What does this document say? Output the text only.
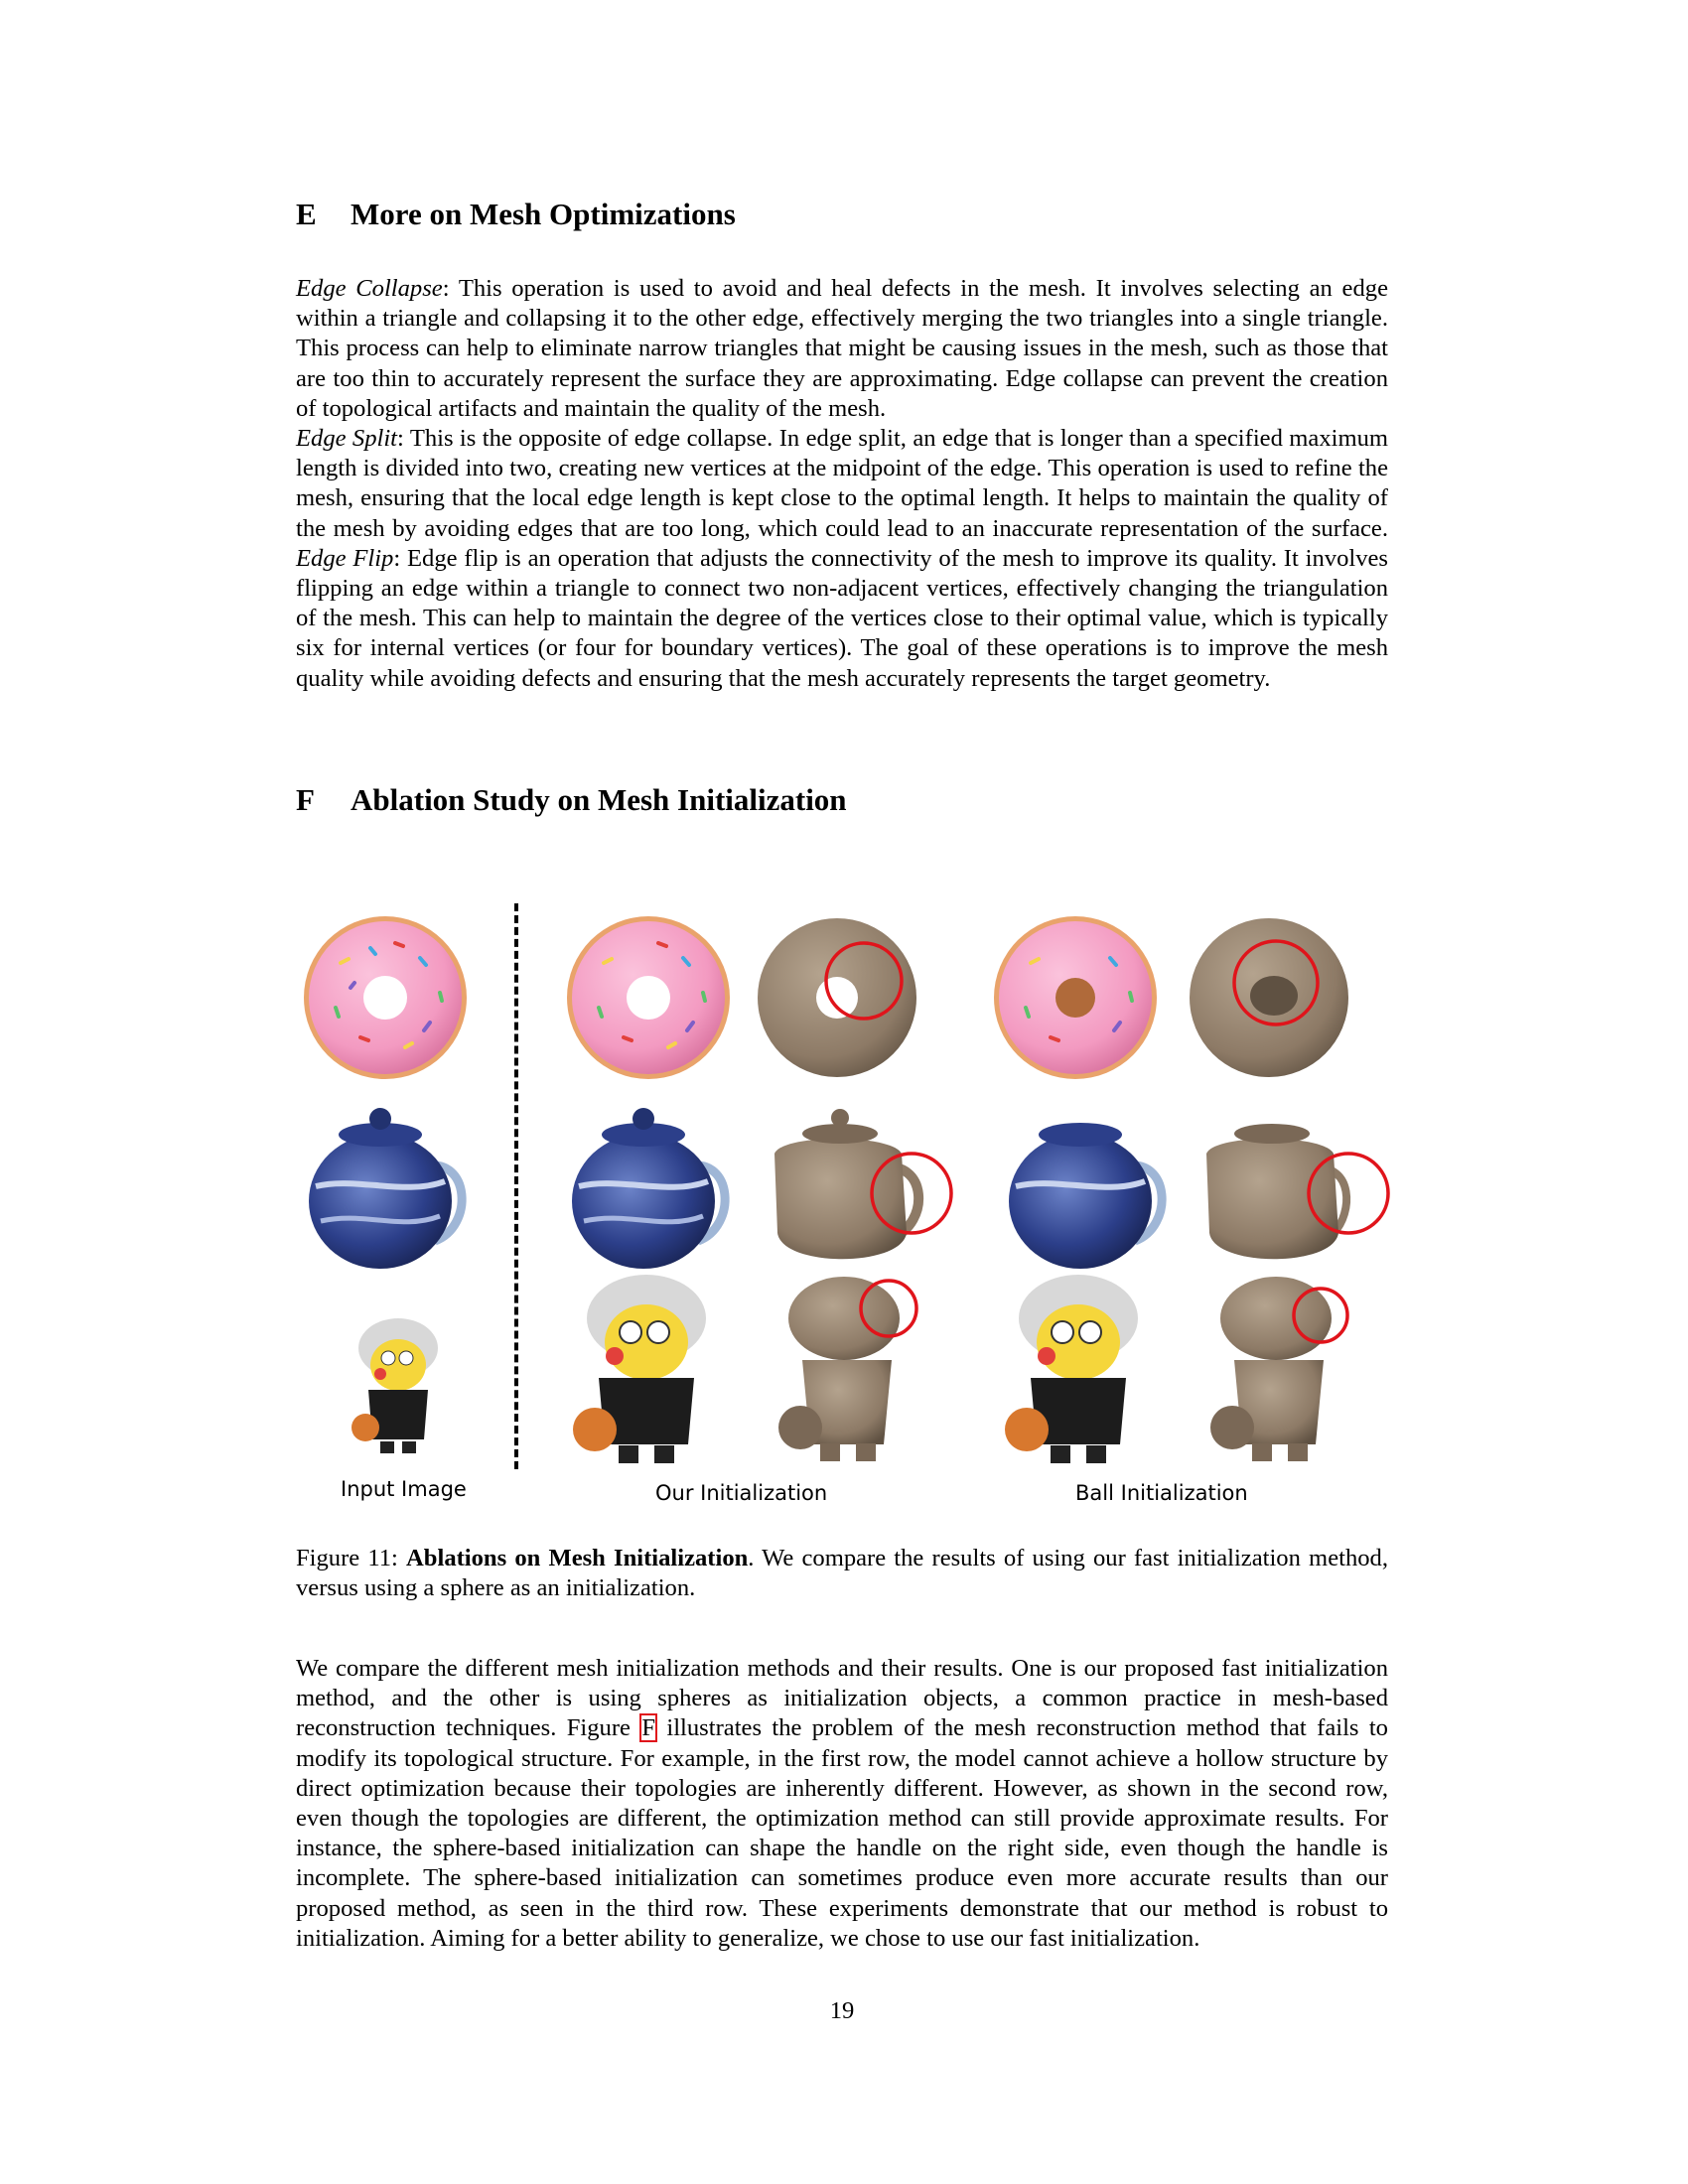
E More on Mesh Optimizations

Edge Collapse: This operation is used to avoid and heal defects in the mesh. It involves selecting an edge within a triangle and collapsing it to the other edge, effectively merging the two triangles into a single triangle. This process can help to eliminate narrow triangles that might be causing issues in the mesh, such as those that are too thin to accurately represent the surface they are approximating. Edge collapse can prevent the creation of topological artifacts and maintain the quality of the mesh.
Edge Split: This is the opposite of edge collapse. In edge split, an edge that is longer than a specified maximum length is divided into two, creating new vertices at the midpoint of the edge. This operation is used to refine the mesh, ensuring that the local edge length is kept close to the optimal length. It helps to maintain the quality of the mesh by avoiding edges that are too long, which could lead to an inaccurate representation of the surface. Edge Flip: Edge flip is an operation that adjusts the connectivity of the mesh to improve its quality. It involves flipping an edge within a triangle to connect two non-adjacent vertices, effectively changing the triangulation of the mesh. This can help to maintain the degree of the vertices close to their optimal value, which is typically six for internal vertices (or four for boundary vertices). The goal of these operations is to improve the mesh quality while avoiding defects and ensuring that the mesh accurately represents the target geometry.

F Ablation Study on Mesh Initialization
Input Image	Our Initialization	Ball Initialization

Figure 11: Ablations on Mesh Initialization. We compare the results of using our fast initialization method, versus using a sphere as an initialization.

We compare the different mesh initialization methods and their results. One is our proposed fast initialization method, and the other is using spheres as initialization objects, a common practice in mesh-based reconstruction techniques. Figure F illustrates the problem of the mesh reconstruction method that fails to modify its topological structure. For example, in the first row, the model cannot achieve a hollow structure by direct optimization because their topologies are inherently different. However, as shown in the second row, even though the topologies are different, the optimization method can still provide approximate results. For instance, the sphere-based initialization can shape the handle on the right side, even though the handle is incomplete. The sphere-based initialization can sometimes produce even more accurate results than our proposed method, as seen in the third row. These experiments demonstrate that our method is robust to initialization. Aiming for a better ability to generalize, we chose to use our fast initialization.

19
